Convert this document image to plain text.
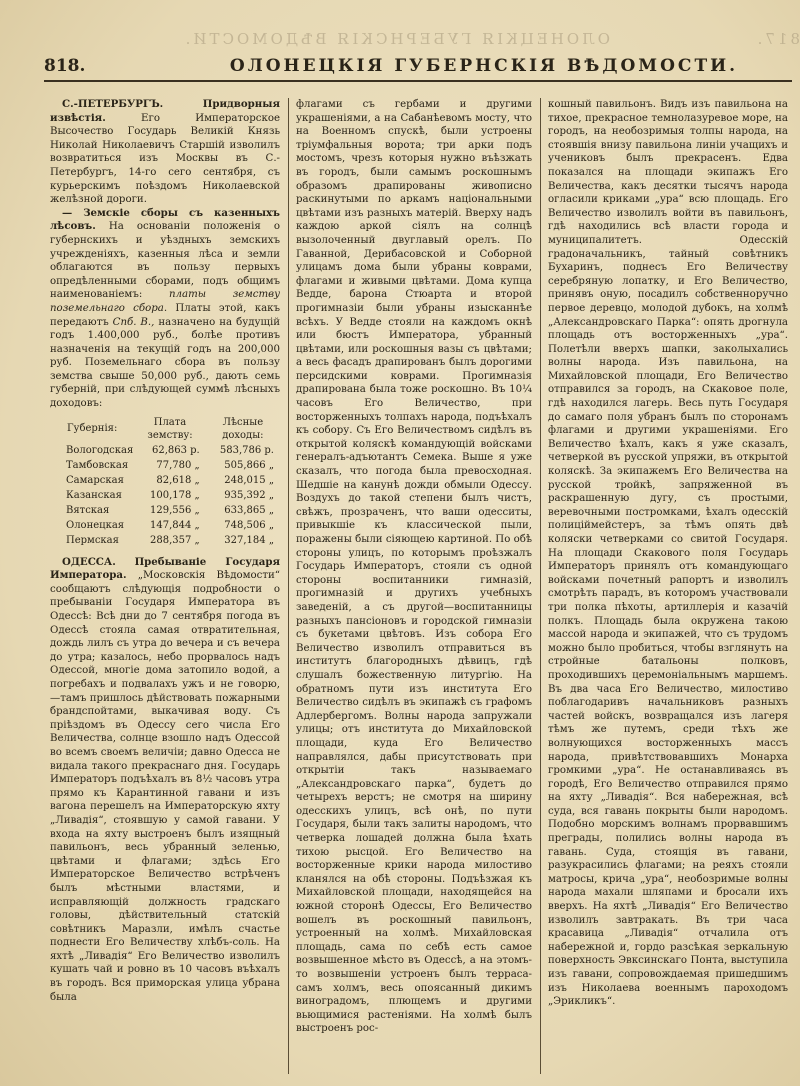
817.
ОЛОНЕЦКІЯ ГУБЕРНСКІЯ ВѢДОМОСТИ.
818.	ОЛОНЕЦКІЯ ГУБЕРНСКІЯ ВѢДОМОСТИ.

С.-ПЕТЕРБУРГЪ.	Придворныя извѣстія.	Его Императорское Высочество Государь Великій Князь Николай Николаевичъ Старшій изволилъ возвратиться изъ Москвы въ С.-Петербургъ, 14-го сего сентября, съ курьерскимъ поѣздомъ Николаевской желѣзной дороги.

— Земскіе сборы съ казенныхъ лѣсовъ. На основаніи положенія о губернскихъ и уѣздныхъ земскихъ учрежденіяхъ, казенныя лѣса и земли облагаются въ пользу первыхъ опредѣленными сборами, подъ общимъ наименованіемъ:	платы земству поземельнаго сбора. Платы этой, какъ передаютъ Спб. В., назначено на будущій годъ 1.400,000 руб., болѣе противъ назначенія на текущій годъ на 200,000 руб. Поземельнаго сбора въ пользу земства свыше 50,000 руб., дають семь губерній, при слѣдующей суммѣ лѣсныхъ доходовъ:

Губернія:	Плата земству:	Лѣсные доходы:
Вологодская	62,863 р.	583,786 р.
Тамбовская	77,780 „	505,866 „
Самарская	82,618 „	248,015 „
Казанская	100,178 „	935,392 „
Вятская	129,556 „	633,865 „
Олонецкая	147,844 „	748,506 „
Пермская	288,357 „	327,184 „

ОДЕССА. Пребываніе Государя Императора. „Московскія Вѣдомости“ сообщаютъ слѣдующія подробности о пребываніи Государя Императора въ Одессѣ: Всѣ дни до 7 сентября погода въ Одессѣ стояла самая отвратительная, дождь лилъ съ утра до вечера и съ вечера до утра; казалось, небо прорвалось надъ Одессой, многіе дома затопило водой, а погребахъ и подвалахъ ужъ и не говорю,—тамъ пришлось дѣйствовать пожарными брандспойтами, выкачивая воду. Съ пріѣздомъ въ Одессу сего числа Его Величества, солнце взошло надъ Одессой во всемъ своемъ величіи; давно Одесса не видала такого прекраснаго дня. Государь Императоръ подъѣхалъ въ 8½ часовъ утра прямо къ Карантинной гавани и изъ вагона перешелъ на Императорскую яхту „Ливадія“, стоявшую у самой гавани. У входа на яхту выстроенъ былъ изящный павильонъ, весь убранный зеленью, цвѣтами и флагами; здѣсь Его Императорское Величество встрѣченъ былъ мѣстными властями, и исправляющій должность градскаго головы, дѣйствительный статскій совѣтникъ Маразли, имѣлъ счастье поднести Его Величеству хлѣбъ-соль. На яхтѣ „Ливадія“ Его Величество изволилъ кушать чай и ровно въ 10 часовъ въѣхалъ въ городъ. Вся приморская улица убрана была

флагами съ гербами и другими украшеніями, а на Сабанѣевомъ мосту, что на Военномъ спускѣ, были устроены тріумфальныя ворота; три арки подъ мостомъ, чрезъ которыя нужно въѣзжать въ городъ, были самымъ роскошнымъ образомъ драпированы живописно раскинутыми по аркамъ національными цвѣтами изъ разныхъ матерій. Вверху надъ каждою аркой сіялъ на солнцѣ вызолоченный двуглавый орелъ. По Гаванной, Дерибасовской и Соборной улицамъ дома были убраны коврами, флагами и живыми цвѣтами. Дома купца Ведде, барона Стюарта и второй прогимназіи были убраны изысканнѣе всѣхъ. У Ведде стояли на каждомъ окнѣ или бюстъ Императора, убранный цвѣтами, или роскошныя вазы съ цвѣтами; а весь фасадъ драпированъ былъ дорогими персидскими коврами. Прогимназія драпирована была тоже роскошно. Въ 10¼ часовъ Его Величество, при восторженныхъ толпахъ народа, подъѣхалъ къ собору. Съ Его Величествомъ сидѣлъ въ открытой коляскѣ командующій войсками генералъ-адъютантъ Семека. Выше я уже сказалъ, что погода была превосходная. Шедшіе на канунѣ дожди обмыли Одессу. Воздухъ до такой степени былъ чистъ, свѣжъ, прозраченъ, что ваши одесситы, привыкшіе къ классической пыли, поражены были сіяющею картиной. По обѣ стороны улицъ, по которымъ проѣзжалъ Государь Императоръ, стояли съ одной стороны воспитанники гимназій, прогимназій и другихъ учебныхъ заведеній, а съ другой—воспитанницы разныхъ пансіоновъ и городской гимназіи съ букетами цвѣтовъ. Изъ собора Его Величество изволилъ отправиться въ институтъ благородныхъ дѣвицъ, гдѣ слушалъ божественную литургію. На обратномъ пути изъ института Его Величество сидѣлъ въ экипажѣ съ графомъ Адлербергомъ. Волны народа запружали улицы; отъ института до Михайловской площади, куда Его Величество направлялся, дабы присутствовать при открытіи такъ называемаго „Александровскаго парка“, будетъ до четырехъ верстъ; не смотря на ширину одесскихъ улицъ, всѣ онѣ, по пути Государя, были такъ залиты народомъ, что четверка лошадей должна была ѣхать тихою рысцой. Его Величество на восторженные крики народа милостиво кланялся на обѣ стороны. Подъѣзжая къ Михайловской площади, находящейся на южной сторонѣ Одессы, Его Величество вошелъ въ роскошный павильонъ, устроенный на холмѣ. Михайловская площадь, сама по себѣ есть самое возвышенное мѣсто въ Одессѣ, а на этомъ-то возвышеніи устроенъ былъ терраса-самъ холмъ, весь опоясанный дикимъ виноградомъ, плющемъ и другими вьющимися растеніями. На холмѣ былъ выстроенъ рос-

кошный павильонъ. Видъ изъ павильона на тихое, прекрасное темнолазуревое море, на городъ, на необозримыя толпы народа, на стоявшія внизу павильона линіи учащихъ и учениковъ былъ прекрасенъ. Едва показался на площади экипажъ Его Величества, какъ десятки тысячъ народа огласили криками „ура“ всю площадь. Его Величество изволилъ войти въ павильонъ, гдѣ находились всѣ власти города и муниципалитетъ. Одесскій градоначальникъ, тайный совѣтникъ Бухаринъ, поднесъ Его Величеству серебряную лопатку, и Его Величество, принявъ оную, посадилъ собственноручно первое деревцо, молодой дубокъ, на холмѣ „Александровскаго Парка“: опять дрогнула площадь отъ восторженныхъ „ура“. Полетѣли вверхъ шапки, заколыхались волны народа. Изъ павильона, на Михайловской площади, Его Величество отправился за городъ, на Скаковое поле, гдѣ находился лагерь. Весь путь Государя до самаго поля убранъ былъ по сторонамъ флагами и другими украшеніями. Его Величество ѣхалъ, какъ я уже сказалъ, четверкой въ русской упряжи, въ открытой коляскѣ. За экипажемъ Его Величества на русской тройкѣ, запряженной въ раскрашенную дугу, съ простыми, веревочными постромками, ѣхалъ одесскій полиціймейстеръ, за тѣмъ опять двѣ коляски четверками со свитой Государя. На площади Скакового поля Государь Императоръ принялъ отъ командующаго войсками почетный рапортъ и изволилъ смотрѣть парадъ, въ которомъ участвовали три полка пѣхоты, артиллерія и казачій полкъ. Площадь была окружена такою массой народа и экипажей, что съ трудомъ можно было пробиться, чтобы взглянуть на стройные батальоны полковъ, проходившихъ церемоніальнымъ маршемъ. Въ два часа Его Величество, милостиво поблагодаривъ начальниковъ разныхъ частей войскъ, возвращался изъ лагеря тѣмъ же путемъ, среди тѣхъ же волнующихся восторженныхъ массъ народа, привѣтствовавшихъ Монарха громкими „ура“. Не останавливаясь въ городѣ, Его Величество отправился прямо на яхту „Ливадія“. Вся набережная, всѣ суда, вся гавань покрыты были народомъ. Подобно морскимъ волнамъ прорвавшимъ преграды, полились волны народа въ гавань. Суда, стоящія въ гавани, разукрасились флагами; на реяхъ стояли матросы, крича „ура“, необозримые волны народа махали шляпами и бросали ихъ вверхъ. На яхтѣ „Ливадія“ Его Величество изволилъ завтракать. Въ три часа красавица „Ливадія“ отчалила отъ набережной и, гордо разсѣкая зеркальную поверхность Эвксинскаго Понта, выступила изъ гавани, сопровождаемая пришедшимъ изъ Николаева военнымъ пароходомъ „Эрикликъ“.
